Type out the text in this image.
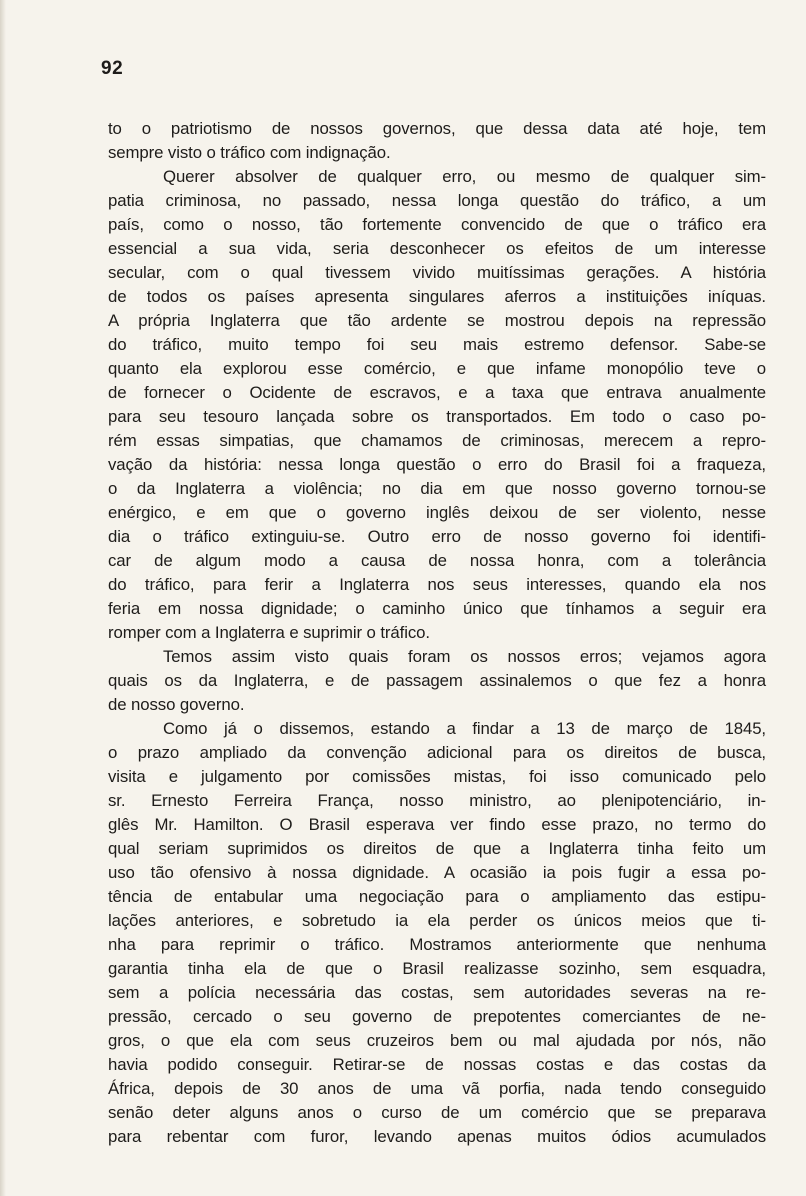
92
to o patriotismo de nossos governos, que dessa data até hoje, tem
sempre visto o tráfico com indignação.
Querer absolver de qualquer erro, ou mesmo de qualquer sim-
patia criminosa, no passado, nessa longa questão do tráfico, a um
país, como o nosso, tão fortemente convencido de que o tráfico era
essencial a sua vida, seria desconhecer os efeitos de um interesse
secular, com o qual tivessem vivido muitíssimas gerações. A história
de todos os países apresenta singulares aferros a instituições iníquas.
A própria Inglaterra que tão ardente se mostrou depois na repressão
do tráfico, muito tempo foi seu mais estremo defensor. Sabe-se
quanto ela explorou esse comércio, e que infame monopólio teve o
de fornecer o Ocidente de escravos, e a taxa que entrava anualmente
para seu tesouro lançada sobre os transportados. Em todo o caso po-
rém essas simpatias, que chamamos de criminosas, merecem a repro-
vação da história: nessa longa questão o erro do Brasil foi a fraqueza,
o da Inglaterra a violência; no dia em que nosso governo tornou-se
enérgico, e em que o governo inglês deixou de ser violento, nesse
dia o tráfico extinguiu-se. Outro erro de nosso governo foi identifi-
car de algum modo a causa de nossa honra, com a tolerância
do tráfico, para ferir a Inglaterra nos seus interesses, quando ela nos
feria em nossa dignidade; o caminho único que tínhamos a seguir era
romper com a Inglaterra e suprimir o tráfico.
Temos assim visto quais foram os nossos erros; vejamos agora
quais os da Inglaterra, e de passagem assinalemos o que fez a honra
de nosso governo.
Como já o dissemos, estando a findar a 13 de março de 1845,
o prazo ampliado da convenção adicional para os direitos de busca,
visita e julgamento por comissões mistas, foi isso comunicado pelo
sr. Ernesto Ferreira França, nosso ministro, ao plenipotenciário, in-
glês Mr. Hamilton. O Brasil esperava ver findo esse prazo, no termo do
qual seriam suprimidos os direitos de que a Inglaterra tinha feito um
uso tão ofensivo à nossa dignidade. A ocasião ia pois fugir a essa po-
tência de entabular uma negociação para o ampliamento das estipu-
lações anteriores, e sobretudo ia ela perder os únicos meios que ti-
nha para reprimir o tráfico. Mostramos anteriormente que nenhuma
garantia tinha ela de que o Brasil realizasse sozinho, sem esquadra,
sem a polícia necessária das costas, sem autoridades severas na re-
pressão, cercado o seu governo de prepotentes comerciantes de ne-
gros, o que ela com seus cruzeiros bem ou mal ajudada por nós, não
havia podido conseguir. Retirar-se de nossas costas e das costas da
África, depois de 30 anos de uma vã porfia, nada tendo conseguido
senão deter alguns anos o curso de um comércio que se preparava
para rebentar com furor, levando apenas muitos ódios acumulados
